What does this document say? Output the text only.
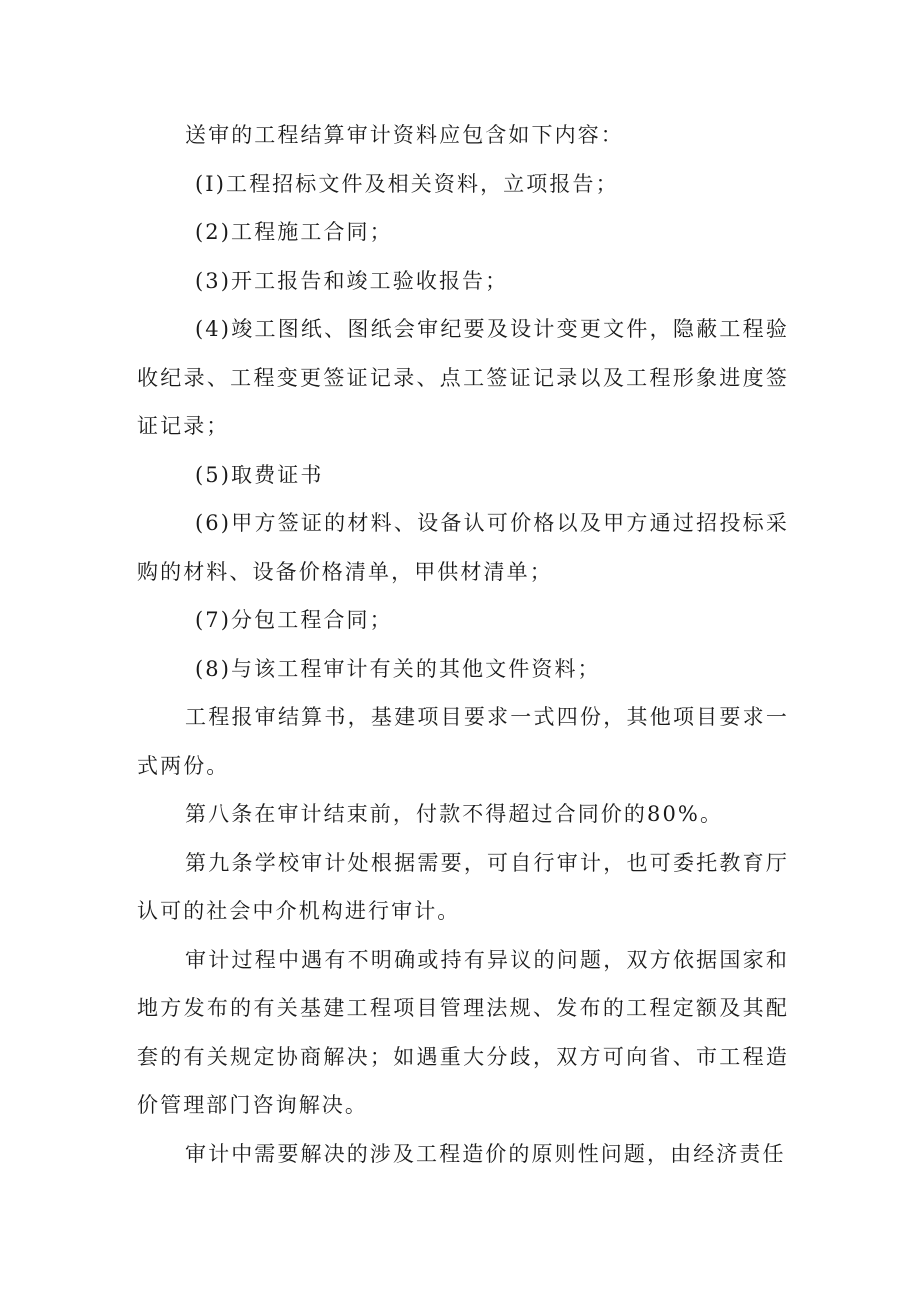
送审的工程结算审计资料应包含如下内容：

(I)工程招标文件及相关资料，立项报告；

(2)工程施工合同；

(3)开工报告和竣工验收报告；

(4)竣工图纸、图纸会审纪要及设计变更文件，隐蔽工程验收纪录、工程变更签证记录、点工签证记录以及工程形象进度签证记录；

(5)取费证书

(6)甲方签证的材料、设备认可价格以及甲方通过招投标采购的材料、设备价格清单，甲供材清单；

(7)分包工程合同；

(8)与该工程审计有关的其他文件资料；

工程报审结算书，基建项目要求一式四份，其他项目要求一式两份。

第八条在审计结束前，付款不得超过合同价的80%。

第九条学校审计处根据需要，可自行审计，也可委托教育厅认可的社会中介机构进行审计。

审计过程中遇有不明确或持有异议的问题，双方依据国家和地方发布的有关基建工程项目管理法规、发布的工程定额及其配套的有关规定协商解决；如遇重大分歧，双方可向省、市工程造价管理部门咨询解决。

审计中需要解决的涉及工程造价的原则性问题，由经济责任
